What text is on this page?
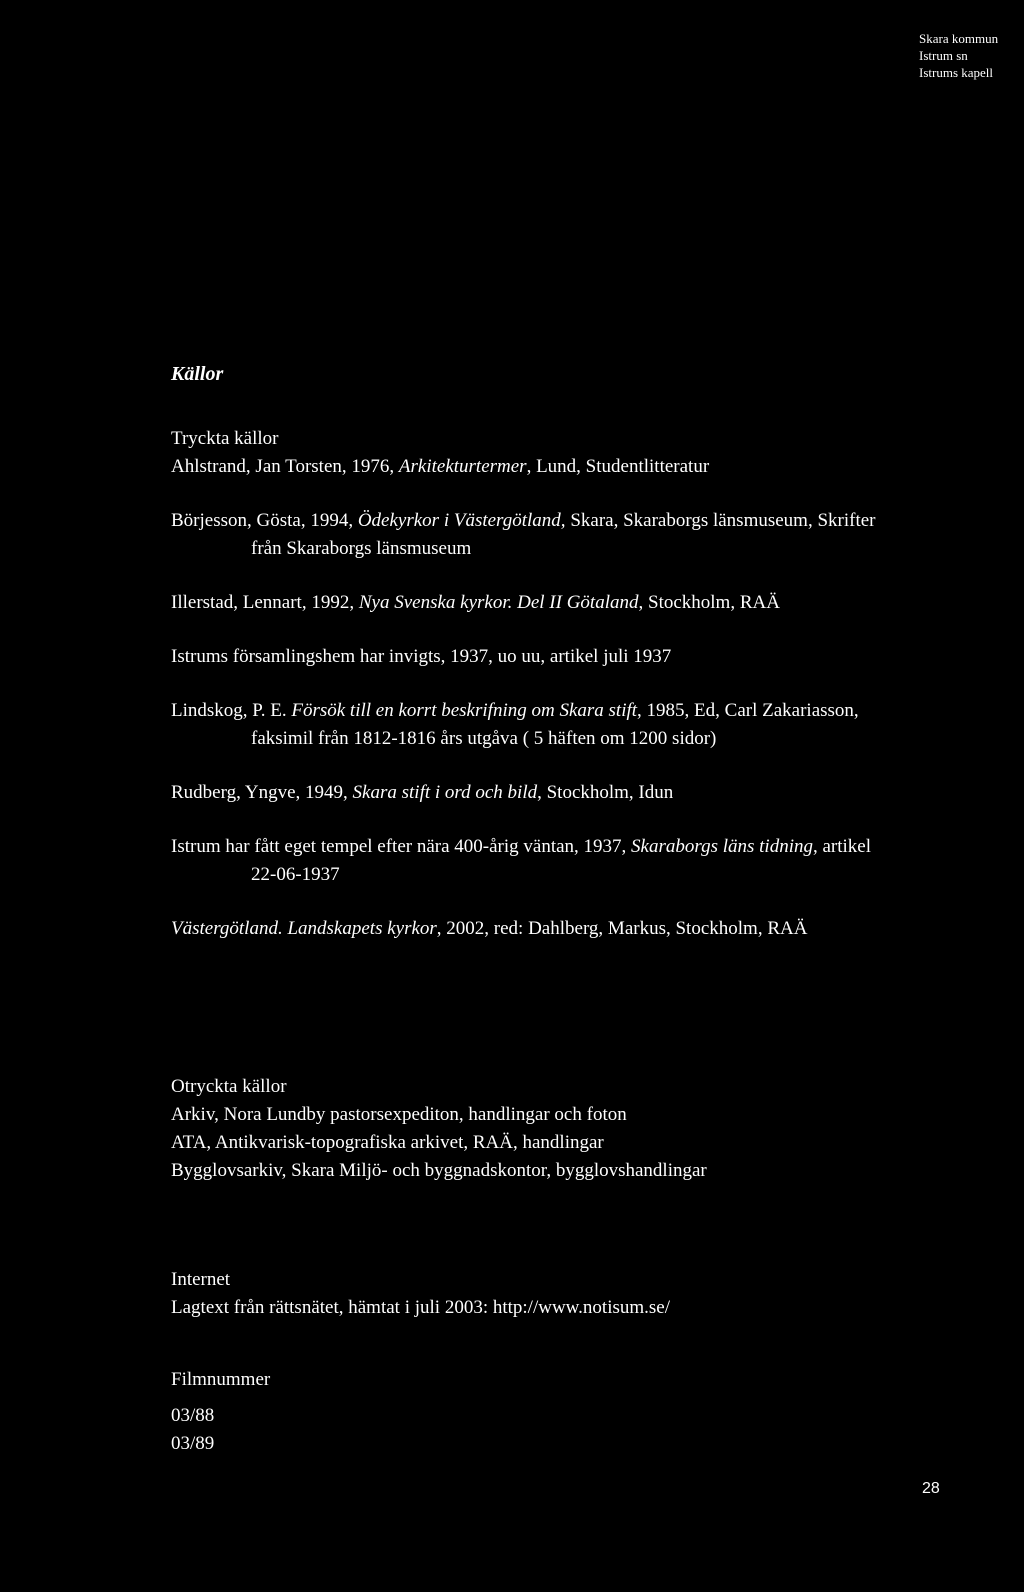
Skara kommun
Istrum sn
Istrums kapell
Källor
Tryckta källor
Ahlstrand, Jan Torsten, 1976, Arkitekturtermer, Lund, Studentlitteratur
Börjesson, Gösta, 1994, Ödekyrkor i Västergötland, Skara, Skaraborgs länsmuseum, Skrifter från Skaraborgs länsmuseum
Illerstad, Lennart, 1992, Nya Svenska kyrkor. Del II Götaland, Stockholm, RAÄ
Istrums församlingshem har invigts, 1937, uo uu, artikel juli 1937
Lindskog, P. E. Försök till en korrt beskrifning om Skara stift, 1985, Ed, Carl Zakariasson, faksimil från 1812-1816 års utgåva ( 5 häften om 1200 sidor)
Rudberg, Yngve, 1949, Skara stift i ord och bild, Stockholm, Idun
Istrum har fått eget tempel efter nära 400-årig väntan, 1937, Skaraborgs läns tidning, artikel 22-06-1937
Västergötland. Landskapets kyrkor, 2002, red: Dahlberg, Markus, Stockholm, RAÄ
Otryckta källor
Arkiv, Nora Lundby pastorsexpediton, handlingar och foton
ATA, Antikvarisk-topografiska arkivet, RAÄ, handlingar
Bygglovsarkiv, Skara Miljö- och byggnadskontor, bygglovshandlingar
Internet
Lagtext från rättsnätet, hämtat i juli 2003: http://www.notisum.se/
Filmnummer
03/88
03/89
28
